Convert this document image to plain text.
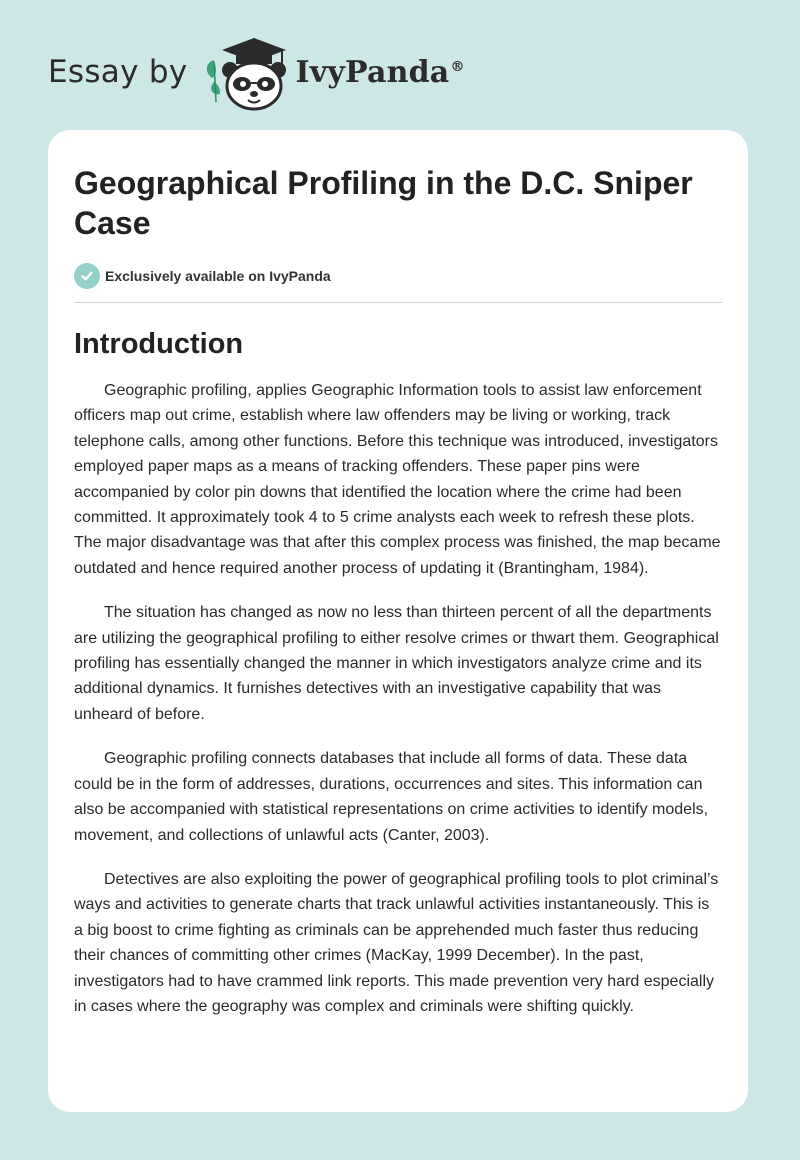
Essay by	IvyPanda®
Geographical Profiling in the D.C. Sniper Case
Exclusively available on IvyPanda
Introduction

Geographic profiling, applies Geographic Information tools to assist law enforcement officers map out crime, establish where law offenders may be living or working, track telephone calls, among other functions. Before this technique was introduced, investigators employed paper maps as a means of tracking offenders. These paper pins were accompanied by color pin downs that identified the location where the crime had been committed. It approximately took 4 to 5 crime analysts each week to refresh these plots. The major disadvantage was that after this complex process was finished, the map became outdated and hence required another process of updating it (Brantingham, 1984).

The situation has changed as now no less than thirteen percent of all the departments are utilizing the geographical profiling to either resolve crimes or thwart them. Geographical profiling has essentially changed the manner in which investigators analyze crime and its additional dynamics. It furnishes detectives with an investigative capability that was unheard of before.

Geographic profiling connects databases that include all forms of data. These data could be in the form of addresses, durations, occurrences and sites. This information can also be accompanied with statistical representations on crime activities to identify models, movement, and collections of unlawful acts (Canter, 2003).

Detectives are also exploiting the power of geographical profiling tools to plot criminal’s ways and activities to generate charts that track unlawful activities instantaneously. This is a big boost to crime fighting as criminals can be apprehended much faster thus reducing their chances of committing other crimes (MacKay, 1999 December). In the past, investigators had to have crammed link reports. This made prevention very hard especially in cases where the geography was complex and criminals were shifting quickly.
